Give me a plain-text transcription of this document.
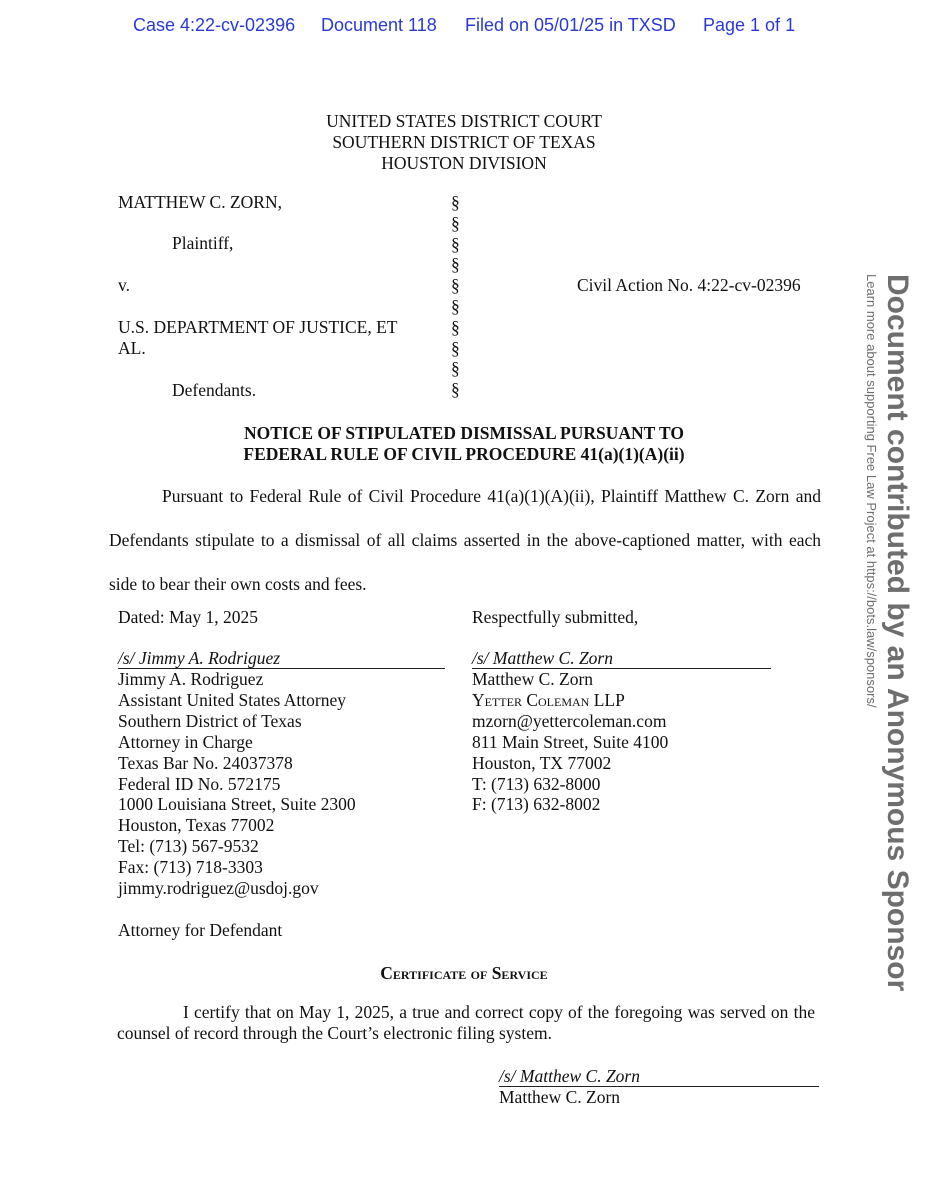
Case 4:22-cv-02396 Document 118 Filed on 05/01/25 in TXSD Page 1 of 1
UNITED STATES DISTRICT COURT
SOUTHERN DISTRICT OF TEXAS
HOUSTON DIVISION
MATTHEW C. ZORN,
Plaintiff,
v.
U.S. DEPARTMENT OF JUSTICE, ET
AL.
Defendants.
§
§
§
§
§
§
§
§
§
§
Civil Action No. 4:22-cv-02396
NOTICE OF STIPULATED DISMISSAL PURSUANT TO
FEDERAL RULE OF CIVIL PROCEDURE 41(a)(1)(A)(ii)
Pursuant to Federal Rule of Civil Procedure 41(a)(1)(A)(ii), Plaintiff Matthew C. Zorn and Defendants stipulate to a dismissal of all claims asserted in the above-captioned matter, with each side to bear their own costs and fees.
Dated: May 1, 2025	Respectfully submitted,
/s/ Jimmy A. Rodriguez
Jimmy A. Rodriguez
Assistant United States Attorney
Southern District of Texas
Attorney in Charge
Texas Bar No. 24037378
Federal ID No. 572175
1000 Louisiana Street, Suite 2300
Houston, Texas 77002
Tel: (713) 567-9532
Fax: (713) 718-3303
jimmy.rodriguez@usdoj.gov
Attorney for Defendant
/s/ Matthew C. Zorn
Matthew C. Zorn
Yetter Coleman LLP
mzorn@yettercoleman.com
811 Main Street, Suite 4100
Houston, TX 77002
T: (713) 632-8000
F: (713) 632-8002
Certificate of Service
I certify that on May 1, 2025, a true and correct copy of the foregoing was served on the counsel of record through the Court’s electronic filing system.
/s/ Matthew C. Zorn
Matthew C. Zorn
Document contributed by an Anonymous Sponsor
Learn more about supporting Free Law Project at https://bots.law/sponsors/
